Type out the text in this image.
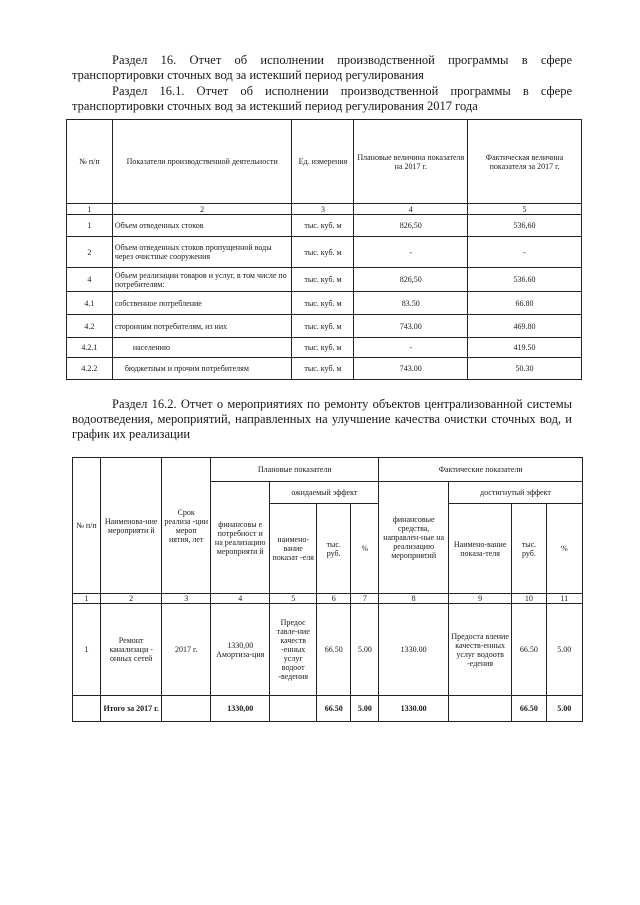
Раздел 16. Отчет об исполнении производственной программы в сфере транспортировки сточных вод за истекший период регулирования
Раздел 16.1. Отчет об исполнении производственной программы в сфере транспортировки сточных вод за истекший период регулирования 2017 года
№ п/п	Показатели производственной деятельности	Ед. измерения	Плановые величина показателя на 2017 г.	Фактическая величина показателя за 2017 г.
1	2	3	4	5
1	Объем отведенных стоков	тыс. куб. м	826,50	536,60
2	Объем отведенных стоков пропущенной воды через очистные сооружения	тыс. куб. м	-	-
4	Объем реализации товаров и услуг, в том числе по потребителям:	тыс. куб. м	826,50	536.60
4.1	собственное потребление	тыс. куб. м	83.50	66.80
4.2	сторонним потребителям, из них	тыс. куб. м	743.00	469.80
4.2.1	населению	тыс. куб. м	-	419.50
4.2.2	бюджетным и прочим потребителям	тыс. куб. м	743.00	50.30
Раздел 16.2. Отчет о мероприятиях по ремонту объектов централизованной системы водоотведения, мероприятий, направленных на улучшение качества очистки сточных вод, и график их реализации
№ п/п	Наименова-ние мероприяти й	Срок реализа -ции мероп иятия, лет	Плановые показатели				Фактические показатели			
			финансовы е потребност и на реализацию мероприяти й	ожидаемый эффект			финансовые средства, направлен-ные на реализацию мероприятий	достигнутый эффект		
				наимено-вание показат -еля	тыс. руб.	%		Наимено-вание показа-теля	тыс. руб.	%
1	2	3	4	5	6	7	8	9	10	11
1	Ремонт канализаци - онных сетей	2017 г.	1330,00 Амортиза-ция	Предос тавле-ние качеств -енных услуг водоот -ведения	66.50	5.00	1330.00	Предоста вление качеств-енных услуг водоотв -едения	66.50	5.00
	Итого за 2017 г.		1330,00		66.50	5.00	1330.00		66.50	5.00
